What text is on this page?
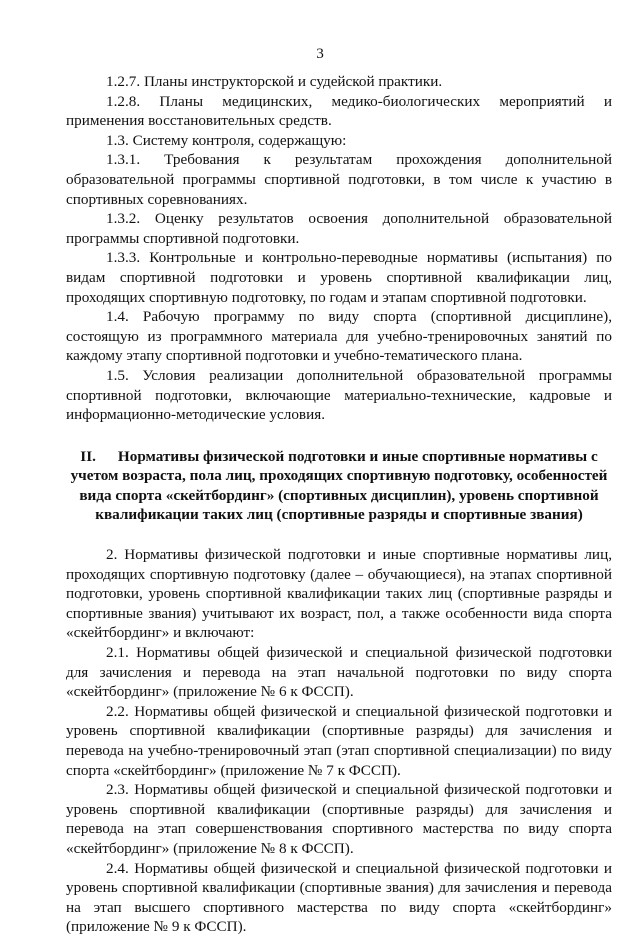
3

1.2.7. Планы инструкторской и судейской практики.

1.2.8. Планы медицинских, медико-биологических мероприятий и применения восстановительных средств.

1.3. Систему контроля, содержащую:

1.3.1. Требования к результатам прохождения дополнительной образовательной программы спортивной подготовки, в том числе к участию в спортивных соревнованиях.

1.3.2. Оценку результатов освоения дополнительной образовательной программы спортивной подготовки.

1.3.3. Контрольные и контрольно-переводные нормативы (испытания) по видам спортивной подготовки и уровень спортивной квалификации лиц, проходящих спортивную подготовку, по годам и этапам спортивной подготовки.

1.4. Рабочую программу по виду спорта (спортивной дисциплине), состоящую из программного материала для учебно-тренировочных занятий по каждому этапу спортивной подготовки и учебно-тематического плана.

1.5. Условия реализации дополнительной образовательной программы спортивной подготовки, включающие материально-технические, кадровые и информационно-методические условия.

II. Нормативы физической подготовки и иные спортивные нормативы с учетом возраста, пола лиц, проходящих спортивную подготовку, особенностей вида спорта «скейтбординг» (спортивных дисциплин), уровень спортивной квалификации таких лиц (спортивные разряды и спортивные звания)

2. Нормативы физической подготовки и иные спортивные нормативы лиц, проходящих спортивную подготовку (далее – обучающиеся), на этапах спортивной подготовки, уровень спортивной квалификации таких лиц (спортивные разряды и спортивные звания) учитывают их возраст, пол, а также особенности вида спорта «скейтбординг» и включают:

2.1. Нормативы общей физической и специальной физической подготовки для зачисления и перевода на этап начальной подготовки по виду спорта «скейтбординг» (приложение № 6 к ФССП).

2.2. Нормативы общей физической и специальной физической подготовки и уровень спортивной квалификации (спортивные разряды) для зачисления и перевода на учебно-тренировочный этап (этап спортивной специализации) по виду спорта «скейтбординг» (приложение № 7 к ФССП).

2.3. Нормативы общей физической и специальной физической подготовки и уровень спортивной квалификации (спортивные разряды) для зачисления и перевода на этап совершенствования спортивного мастерства по виду спорта «скейтбординг» (приложение № 8 к ФССП).

2.4. Нормативы общей физической и специальной физической подготовки и уровень спортивной квалификации (спортивные звания) для зачисления и перевода на этап высшего спортивного мастерства по виду спорта «скейтбординг» (приложение № 9 к ФССП).
